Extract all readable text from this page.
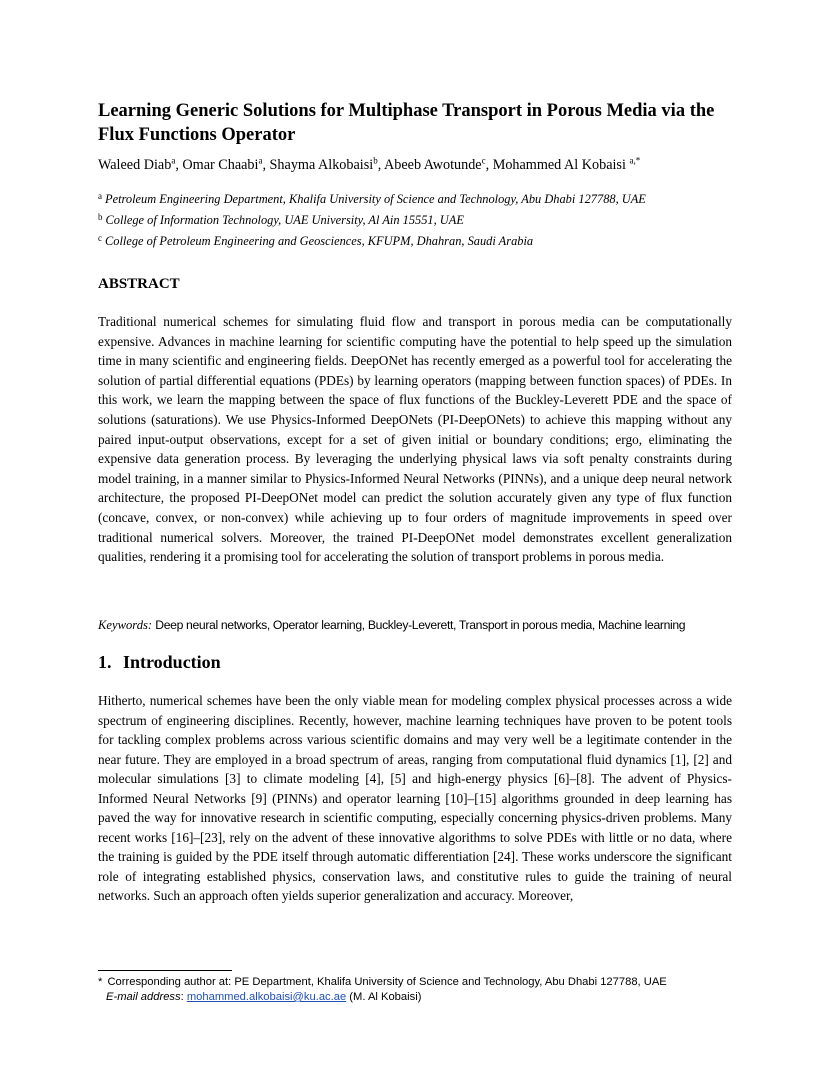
Learning Generic Solutions for Multiphase Transport in Porous Media via the Flux Functions Operator
Waleed Diab$^a$, Omar Chaabi$^a$, Shayma Alkobaisi$^b$, Abeeb Awotunde$^c$, Mohammed Al Kobaisi $^{a,*}$
$^a$ Petroleum Engineering Department, Khalifa University of Science and Technology, Abu Dhabi 127788, UAE
$^b$ College of Information Technology, UAE University, Al Ain 15551, UAE
$^c$ College of Petroleum Engineering and Geosciences, KFUPM, Dhahran, Saudi Arabia
ABSTRACT
Traditional numerical schemes for simulating fluid flow and transport in porous media can be computationally expensive. Advances in machine learning for scientific computing have the potential to help speed up the simulation time in many scientific and engineering fields. DeepONet has recently emerged as a powerful tool for accelerating the solution of partial differential equations (PDEs) by learning operators (mapping between function spaces) of PDEs. In this work, we learn the mapping between the space of flux functions of the Buckley-Leverett PDE and the space of solutions (saturations). We use Physics-Informed DeepONets (PI-DeepONets) to achieve this mapping without any paired input-output observations, except for a set of given initial or boundary conditions; ergo, eliminating the expensive data generation process. By leveraging the underlying physical laws via soft penalty constraints during model training, in a manner similar to Physics-Informed Neural Networks (PINNs), and a unique deep neural network architecture, the proposed PI-DeepONet model can predict the solution accurately given any type of flux function (concave, convex, or non-convex) while achieving up to four orders of magnitude improvements in speed over traditional numerical solvers. Moreover, the trained PI-DeepONet model demonstrates excellent generalization qualities, rendering it a promising tool for accelerating the solution of transport problems in porous media.
Keywords: Deep neural networks, Operator learning, Buckley-Leverett, Transport in porous media, Machine learning
1. Introduction
Hitherto, numerical schemes have been the only viable mean for modeling complex physical processes across a wide spectrum of engineering disciplines. Recently, however, machine learning techniques have proven to be potent tools for tackling complex problems across various scientific domains and may very well be a legitimate contender in the near future. They are employed in a broad spectrum of areas, ranging from computational fluid dynamics [1], [2] and molecular simulations [3] to climate modeling [4], [5] and high-energy physics [6]–[8]. The advent of Physics-Informed Neural Networks [9] (PINNs) and operator learning [10]–[15] algorithms grounded in deep learning has paved the way for innovative research in scientific computing, especially concerning physics-driven problems. Many recent works [16]–[23], rely on the advent of these innovative algorithms to solve PDEs with little or no data, where the training is guided by the PDE itself through automatic differentiation [24]. These works underscore the significant role of integrating established physics, conservation laws, and constitutive rules to guide the training of neural networks. Such an approach often yields superior generalization and accuracy. Moreover,
* Corresponding author at: PE Department, Khalifa University of Science and Technology, Abu Dhabi 127788, UAE
E-mail address: mohammed.alkobaisi@ku.ac.ae (M. Al Kobaisi)
